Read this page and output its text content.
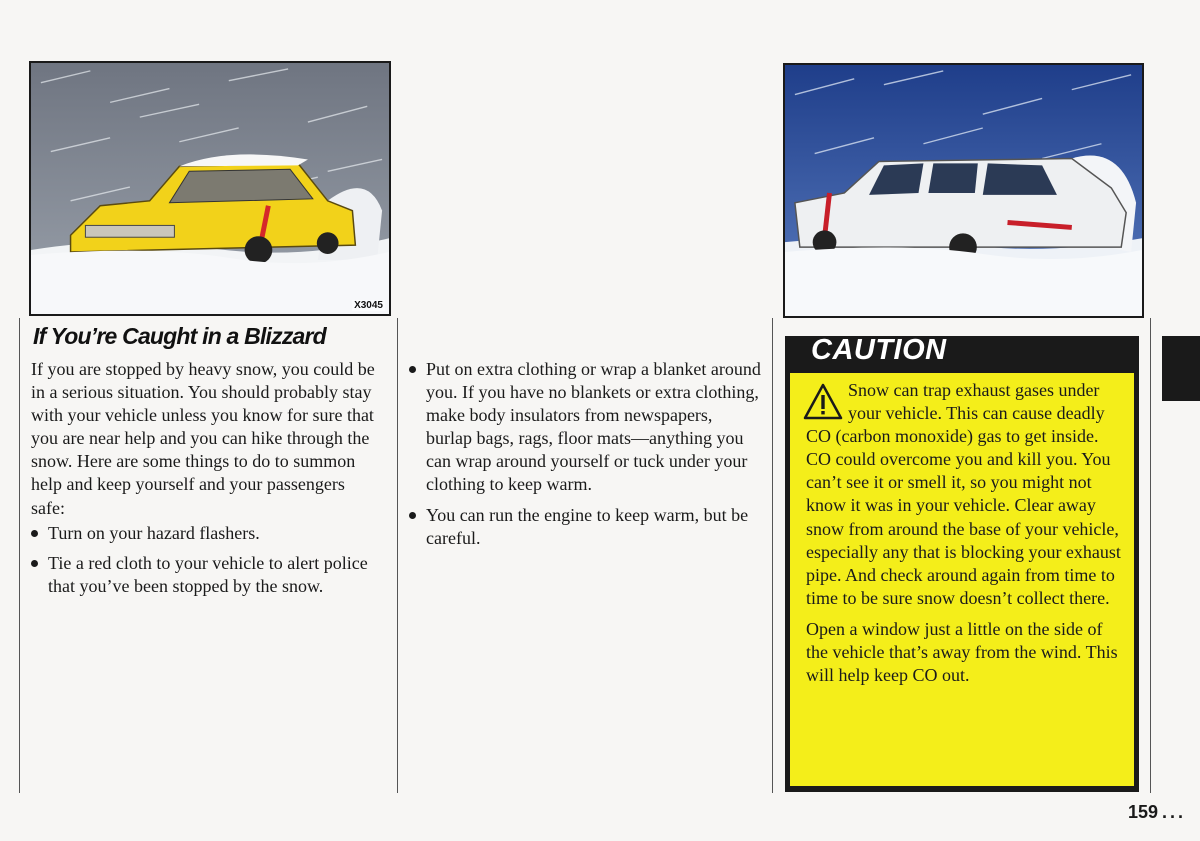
X3045
If You’re Caught in a Blizzard

If you are stopped by heavy snow, you could be in a serious situation. You should probably stay with your vehicle unless you know for sure that you are near help and you can hike through the snow. Here are some things to do to summon help and keep yourself and your passengers safe:

Turn on your hazard flashers.

Tie a red cloth to your vehicle to alert police that you’ve been stopped by the snow.

Put on extra clothing or wrap a blanket around you. If you have no blankets or extra clothing, make body insulators from newspapers, burlap bags, rags, floor mats—anything you can wrap around yourself or tuck under your clothing to keep warm.

You can run the engine to keep warm, but be careful.

CAUTION

Snow can trap exhaust gases under your vehicle. This can cause deadly CO (carbon monoxide) gas to get inside. CO could overcome you and kill you. You can’t see it or smell it, so you might not know it was in your vehicle. Clear away snow from around the base of your vehicle, especially any that is blocking your exhaust pipe. And check around again from time to time to be sure snow doesn’t collect there.

Open a window just a little on the side of the vehicle that’s away from the wind. This will help keep CO out.

159 ...
